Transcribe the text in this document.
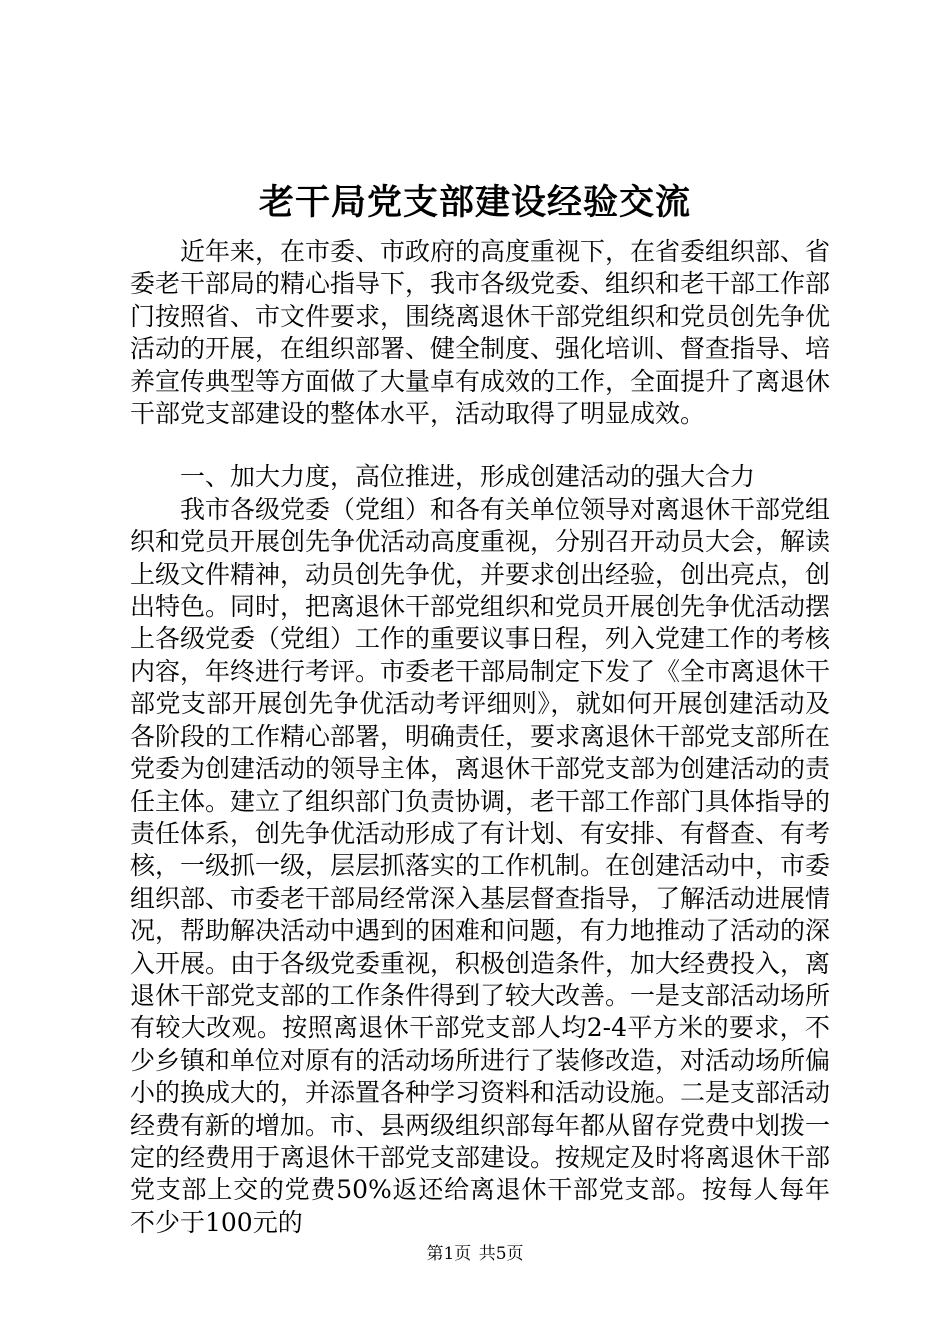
老干局党支部建设经验交流

近年来，在市委、市政府的高度重视下，在省委组织部、省委老干部局的精心指导下，我市各级党委、组织和老干部工作部门按照省、市文件要求，围绕离退休干部党组织和党员创先争优活动的开展，在组织部署、健全制度、强化培训、督查指导、培养宣传典型等方面做了大量卓有成效的工作，全面提升了离退休干部党支部建设的整体水平，活动取得了明显成效。

一、加大力度，高位推进，形成创建活动的强大合力

我市各级党委（党组）和各有关单位领导对离退休干部党组织和党员开展创先争优活动高度重视，分别召开动员大会，解读上级文件精神，动员创先争优，并要求创出经验，创出亮点，创出特色。同时，把离退休干部党组织和党员开展创先争优活动摆上各级党委（党组）工作的重要议事日程，列入党建工作的考核内容，年终进行考评。市委老干部局制定下发了《全市离退休干部党支部开展创先争优活动考评细则》，就如何开展创建活动及各阶段的工作精心部署，明确责任，要求离退休干部党支部所在党委为创建活动的领导主体，离退休干部党支部为创建活动的责任主体。建立了组织部门负责协调，老干部工作部门具体指导的责任体系，创先争优活动形成了有计划、有安排、有督查、有考核，一级抓一级，层层抓落实的工作机制。在创建活动中，市委组织部、市委老干部局经常深入基层督查指导，了解活动进展情况，帮助解决活动中遇到的困难和问题，有力地推动了活动的深入开展。由于各级党委重视，积极创造条件，加大经费投入，离退休干部党支部的工作条件得到了较大改善。一是支部活动场所有较大改观。按照离退休干部党支部人均2-4平方米的要求，不少乡镇和单位对原有的活动场所进行了装修改造，对活动场所偏小的换成大的，并添置各种学习资料和活动设施。二是支部活动经费有新的增加。市、县两级组织部每年都从留存党费中划拨一定的经费用于离退休干部党支部建设。按规定及时将离退休干部党支部上交的党费50%返还给离退休干部党支部。按每人每年不少于100元的

第1页 共5页
